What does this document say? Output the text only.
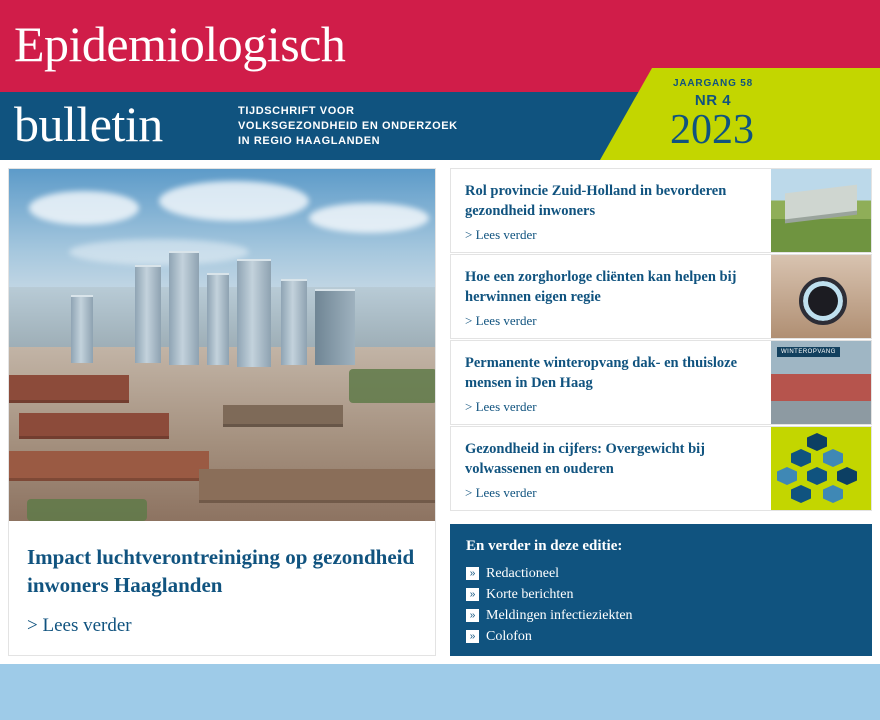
Epidemiologisch
bulletin	TIJDSCHRIFT VOOR
VOLKSGEZONDHEID EN ONDERZOEK
IN REGIO HAAGLANDEN
JAARGANG 58
NR 4
2023
Impact luchtverontreiniging op gezondheid inwoners Haaglanden
> Lees verder
Rol provincie Zuid-Holland in bevorderen gezondheid inwoners
> Lees verder
Hoe een zorghorloge cliënten kan helpen bij herwinnen eigen regie
> Lees verder
Permanente winteropvang dak- en thuisloze mensen in Den Haag
> Lees verder
WINTEROPVANG
Gezondheid in cijfers: Overgewicht bij volwassenen en ouderen
> Lees verder
En verder in deze editie:
» Redactioneel
» Korte berichten
» Meldingen infectieziekten
» Colofon
